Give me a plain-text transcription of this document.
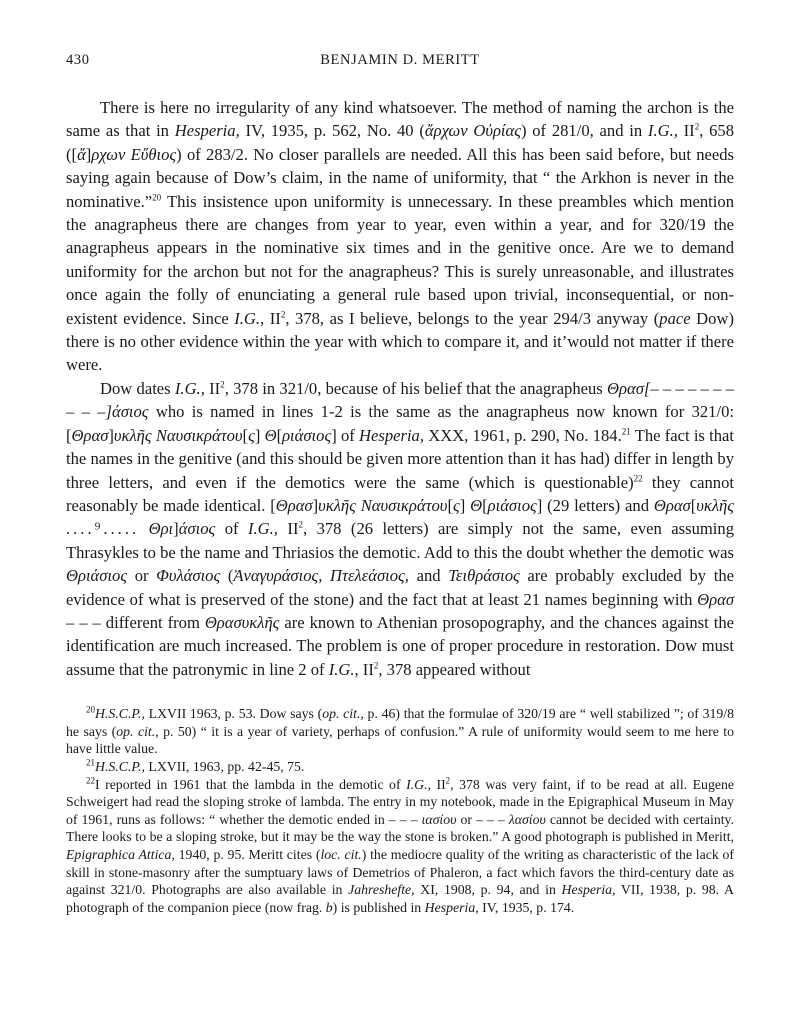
430	BENJAMIN D. MERITT

There is here no irregularity of any kind whatsoever. The method of naming the archon is the same as that in Hesperia, IV, 1935, p. 562, No. 40 (ἄρχων Οὐρίας) of 281/0, and in I.G., $II^2$, 658 ([ἄ]ρχων Εὔθιος) of 283/2. No closer parallels are needed. All this has been said before, but needs saying again because of Dow’s claim, in the name of uniformity, that “ the Arkhon is never in the nominative.”$^{20}$ This insistence upon uniformity is unnecessary. In these preambles which mention the anagrapheus there are changes from year to year, even within a year, and for 320/19 the anagrapheus appears in the nominative six times and in the genitive once. Are we to demand uniformity for the archon but not for the anagrapheus? This is surely unreasonable, and illustrates once again the folly of enunciating a general rule based upon trivial, inconsequential, or non-existent evidence. Since I.G., $II^2$, 378, as I believe, belongs to the year 294/3 anyway (pace Dow) there is no other evidence within the year with which to compare it, and it’would not matter if there were.

Dow dates I.G., $II^2$, 378 in 321/0, because of his belief that the anagrapheus Θρασ[– – – – – – – – – –]άσιος who is named in lines 1-2 is the same as the anagrapheus now known for 321/0: [Θρασ]υκλῆς Ναυσικράτου[ς] Θ[ριάσιος] of Hesperia, XXX, 1961, p. 290, No. 184.21 The fact is that the names in the genitive (and this should be given more attention than it has had) differ in length by three letters, and even if the demotics were the same (which is questionable)$^{22}$ they cannot reasonably be made identical. [Θρασ]υκλῆς Ναυσικράτου[ς] Θ[ριάσιος] (29 letters) and Θρασ[υκλῆς ....⁹..... Θρι]άσιος of I.G., $II^2$, 378 (26 letters) are simply not the same, even assuming Thrasykles to be the name and Thriasios the demotic. Add to this the doubt whether the demotic was Θριάσιος or Φυλάσιος (Ἀναγυράσιος, Πτελεάσιος, and Τειθράσιος are probably excluded by the evidence of what is preserved of the stone) and the fact that at least 21 names beginning with Θρασ – – – different from Θρασυκλῆς are known to Athenian prosopography, and the chances against the identification are much increased. The problem is one of proper procedure in restoration. Dow must assume that the patronymic in line 2 of I.G., $II^2$, 378 appeared without

$^{20}$H.S.C.P., LXVII 1963, p. 53. Dow says (op. cit., p. 46) that the formulae of 320/19 are “ well stabilized ”; of 319/8 he says (op. cit., p. 50) “ it is a year of variety, perhaps of confusion.” A rule of uniformity would seem to me here to have little value.

$^{21}$H.S.C.P., LXVII, 1963, pp. 42-45, 75.

$^{22}$I reported in 1961 that the lambda in the demotic of I.G., $II^2$, 378 was very faint, if to be read at all. Eugene Schweigert had read the sloping stroke of lambda. The entry in my notebook, made in the Epigraphical Museum in May of 1961, runs as follows: “ whether the demotic ended in – – – ιασίου or – – – λασίου cannot be decided with certainty. There looks to be a sloping stroke, but it may be the way the stone is broken.” A good photograph is published in Meritt, Epigraphica Attica, 1940, p. 95. Meritt cites (loc. cit.) the mediocre quality of the writing as characteristic of the lack of skill in stone-masonry after the sumptuary laws of Demetrios of Phaleron, a fact which favors the third-century date as against 321/0. Photographs are also available in Jahreshefte, XI, 1908, p. 94, and in Hesperia, VII, 1938, p. 98. A photograph of the companion piece (now frag. b) is published in Hesperia, IV, 1935, p. 174.
